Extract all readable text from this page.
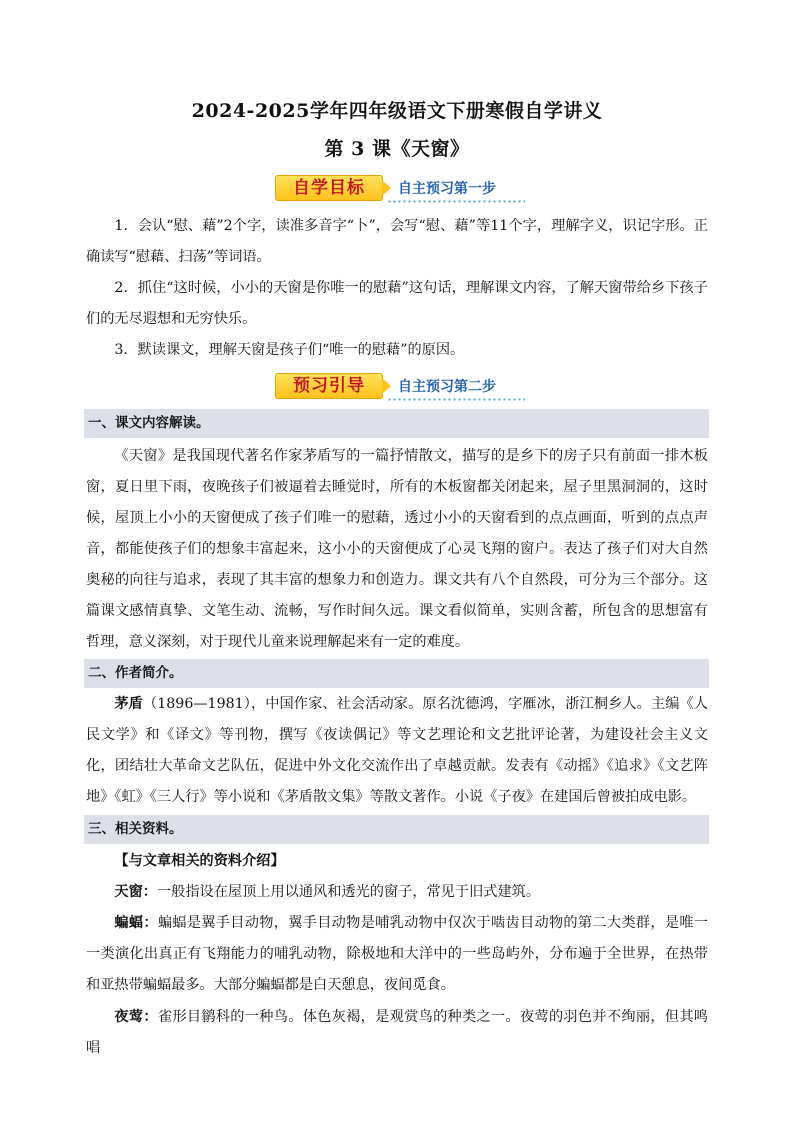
2024-2025学年四年级语文下册寒假自学讲义
第 3 课《天窗》
自学目标	自主预习第一步
1．会认“慰、藉”2个字，读准多音字“卜”，会写“慰、藉”等11个字，理解字义，识记字形。正确读写“慰藉、扫荡”等词语。
2．抓住“这时候，小小的天窗是你唯一的慰藉”这句话，理解课文内容，了解天窗带给乡下孩子们的无尽遐想和无穷快乐。
3．默读课文，理解天窗是孩子们“唯一的慰藉”的原因。
预习引导	自主预习第二步
一、课文内容解读。
《天窗》是我国现代著名作家茅盾写的一篇抒情散文，描写的是乡下的房子只有前面一排木板窗，夏日里下雨，夜晚孩子们被逼着去睡觉时，所有的木板窗都关闭起来，屋子里黑洞洞的，这时候，屋顶上小小的天窗便成了孩子们唯一的慰藉，透过小小的天窗看到的点点画面，听到的点点声音，都能使孩子们的想象丰富起来，这小小的天窗便成了心灵飞翔的窗户。表达了孩子们对大自然奥秘的向往与追求，表现了其丰富的想象力和创造力。课文共有八个自然段，可分为三个部分。这篇课文感情真挚、文笔生动、流畅，写作时间久远。课文看似简单，实则含蓄，所包含的思想富有哲理，意义深刻，对于现代儿童来说理解起来有一定的难度。
二、作者简介。
茅盾（1896—1981），中国作家、社会活动家。原名沈德鸿，字雁冰，浙江桐乡人。主编《人民文学》和《译文》等刊物，撰写《夜读偶记》等文艺理论和文艺批评论著，为建设社会主义文化，团结壮大革命文艺队伍，促进中外文化交流作出了卓越贡献。发表有《动摇》《追求》《文艺阵地》《虹》《三人行》等小说和《茅盾散文集》等散文著作。小说《子夜》在建国后曾被拍成电影。
三、相关资料。
【与文章相关的资料介绍】
天窗：一般指设在屋顶上用以通风和透光的窗子，常见于旧式建筑。
蝙蝠：蝙蝠是翼手目动物，翼手目动物是哺乳动物中仅次于啮齿目动物的第二大类群，是唯一一类演化出真正有飞翔能力的哺乳动物，除极地和大洋中的一些岛屿外，分布遍于全世界，在热带和亚热带蝙蝠最多。大部分蝙蝠都是白天憩息，夜间觅食。
夜莺：雀形目鹟科的一种鸟。体色灰褐，是观赏鸟的种类之一。夜莺的羽色并不绚丽，但其鸣唱
